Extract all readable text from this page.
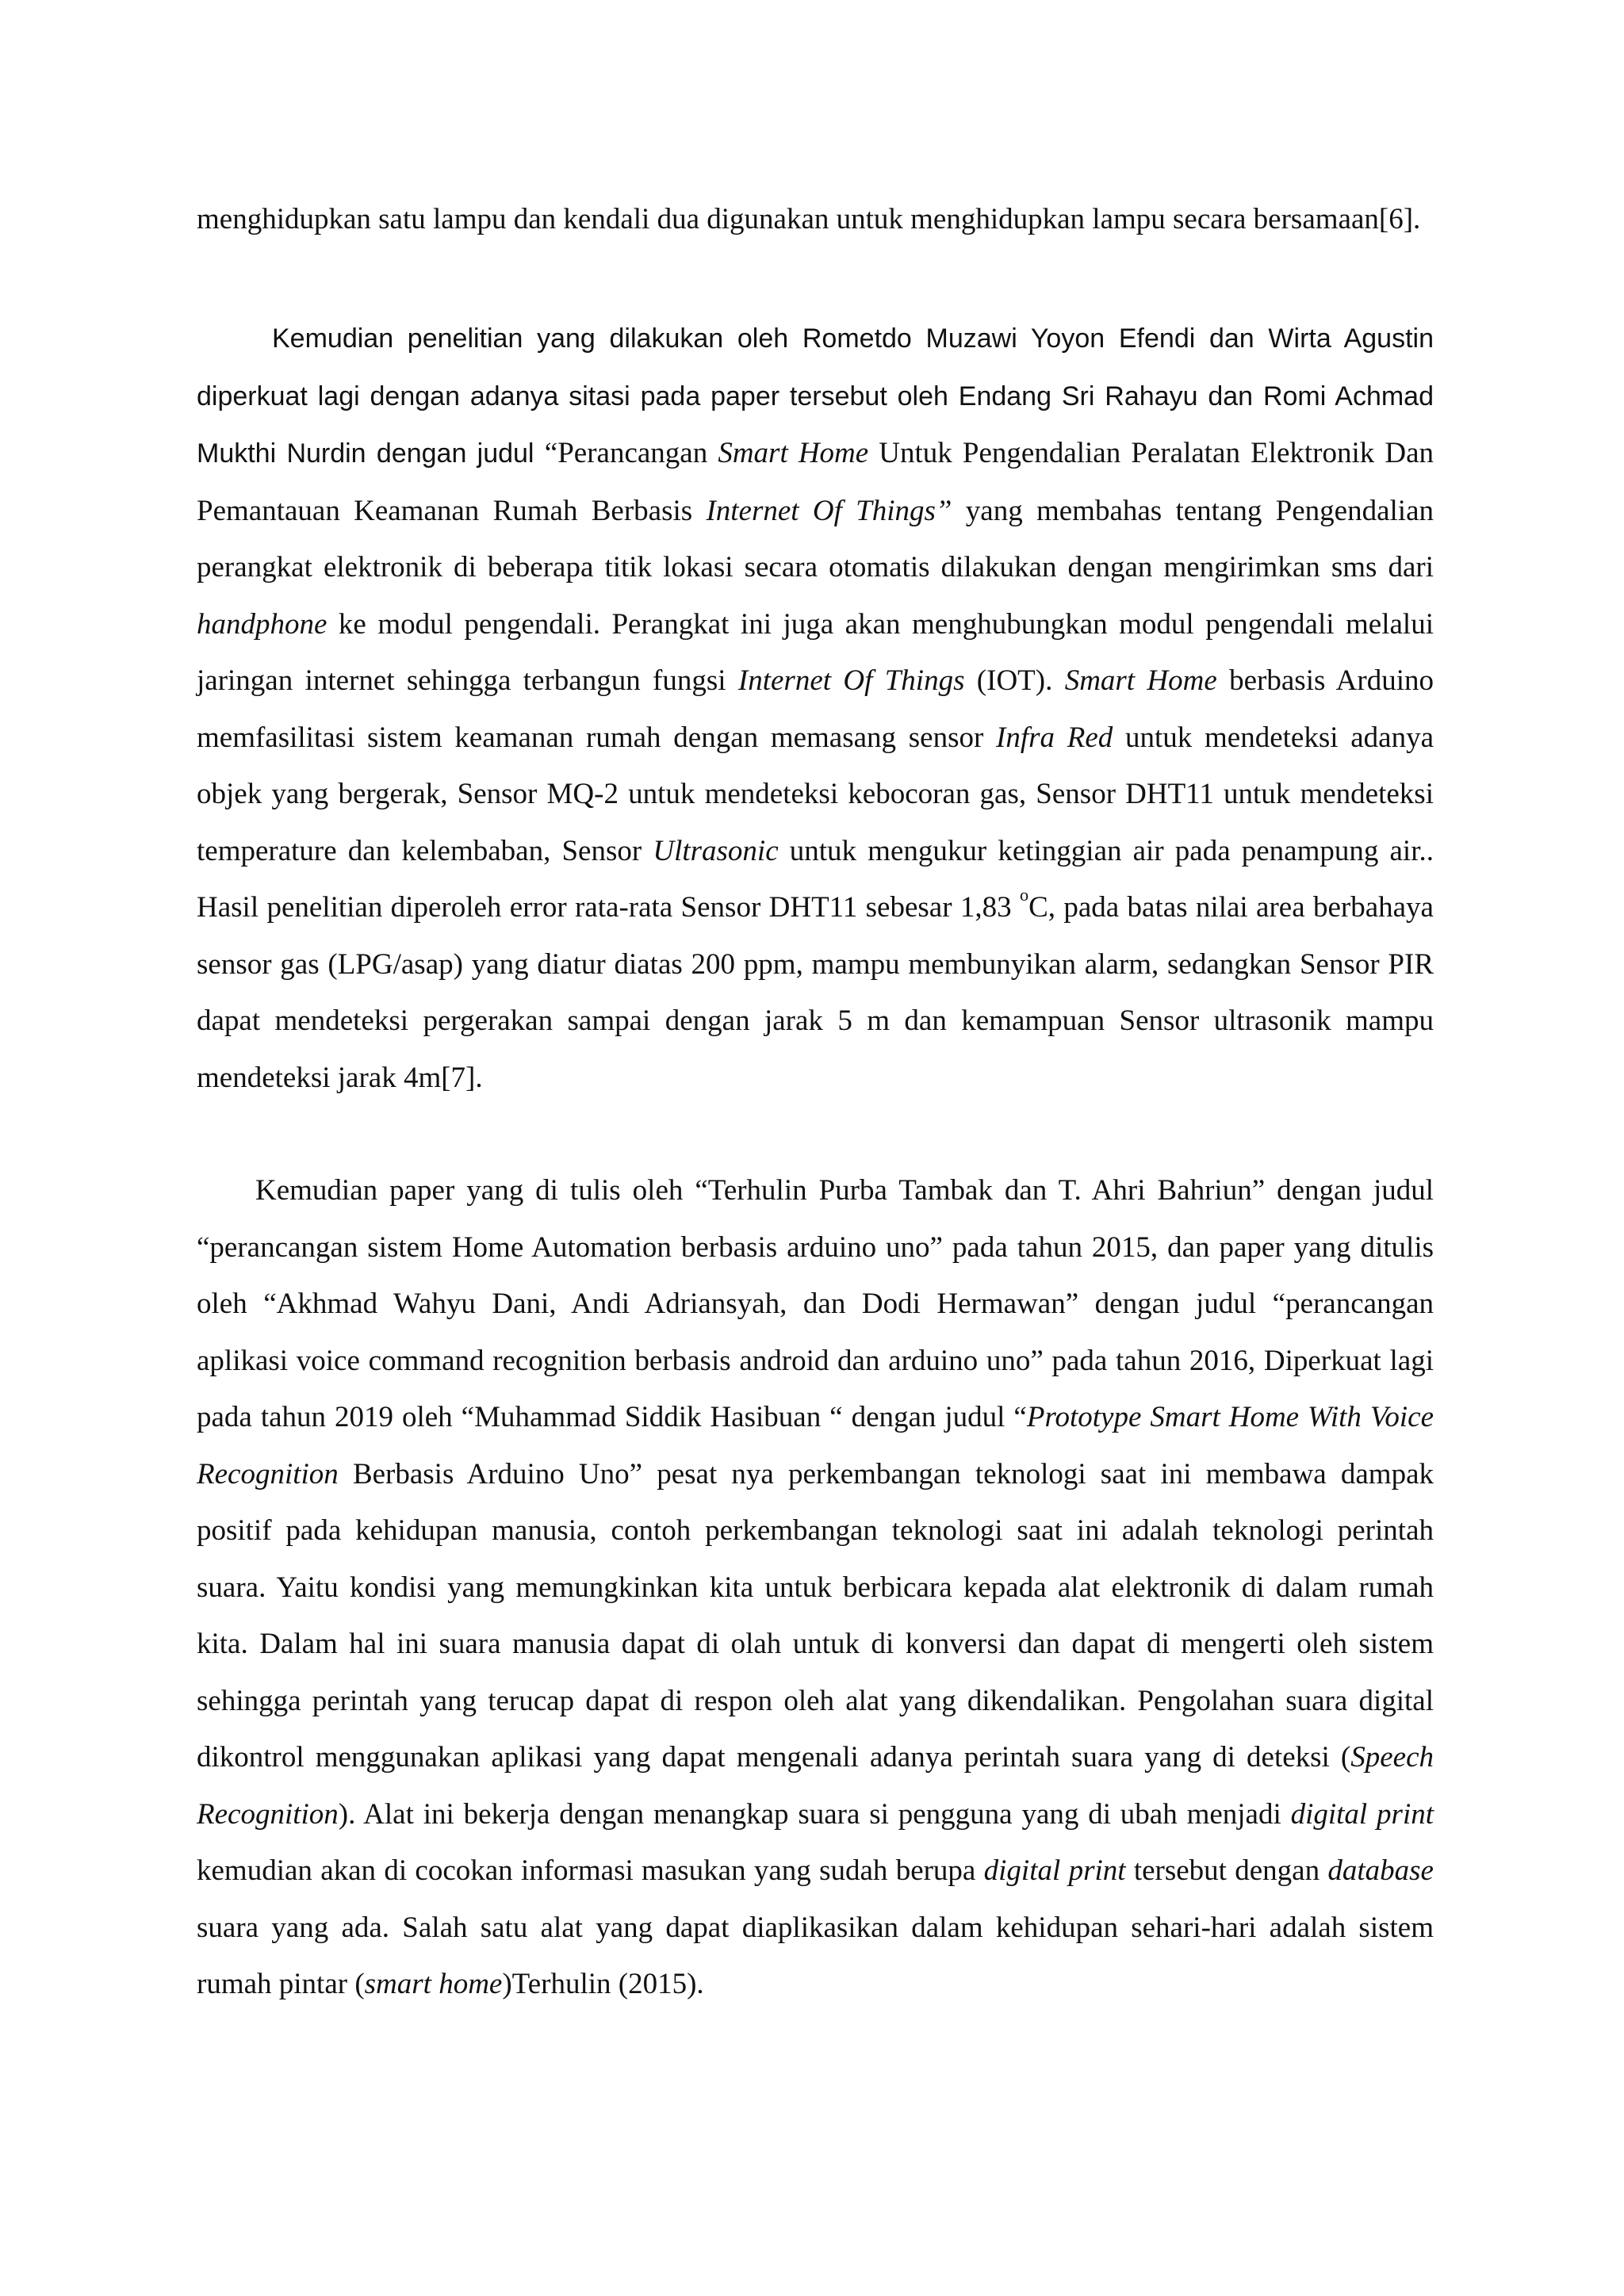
menghidupkan satu lampu dan kendali dua digunakan untuk menghidupkan lampu secara bersamaan[6].

Kemudian penelitian yang dilakukan oleh Rometdo Muzawi Yoyon Efendi dan Wirta Agustin diperkuat lagi dengan adanya sitasi pada paper tersebut oleh Endang Sri Rahayu dan Romi Achmad Mukthi Nurdin dengan judul “Perancangan Smart Home Untuk Pengendalian Peralatan Elektronik Dan Pemantauan Keamanan Rumah Berbasis Internet Of Things” yang membahas tentang Pengendalian perangkat elektronik di beberapa titik lokasi secara otomatis dilakukan dengan mengirimkan sms dari handphone ke modul pengendali. Perangkat ini juga akan menghubungkan modul pengendali melalui jaringan internet sehingga terbangun fungsi Internet Of Things (IOT). Smart Home berbasis Arduino memfasilitasi sistem keamanan rumah dengan memasang sensor Infra Red untuk mendeteksi adanya objek yang bergerak, Sensor MQ-2 untuk mendeteksi kebocoran gas, Sensor DHT11 untuk mendeteksi temperature dan kelembaban, Sensor Ultrasonic untuk mengukur ketinggian air pada penampung air.. Hasil penelitian diperoleh error rata-rata Sensor DHT11 sebesar 1,83 $^o$C, pada batas nilai area berbahaya sensor gas (LPG/asap) yang diatur diatas 200 ppm, mampu membunyikan alarm, sedangkan Sensor PIR dapat mendeteksi pergerakan sampai dengan jarak 5 m dan kemampuan Sensor ultrasonik mampu mendeteksi jarak 4m[7].

Kemudian paper yang di tulis oleh “Terhulin Purba Tambak dan T. Ahri Bahriun” dengan judul “perancangan sistem Home Automation berbasis arduino uno” pada tahun 2015, dan paper yang ditulis oleh “Akhmad Wahyu Dani, Andi Adriansyah, dan Dodi Hermawan” dengan judul “perancangan aplikasi voice command recognition berbasis android dan arduino uno” pada tahun 2016, Diperkuat lagi pada tahun 2019 oleh “Muhammad Siddik Hasibuan “ dengan judul “Prototype Smart Home With Voice Recognition Berbasis Arduino Uno” pesat nya perkembangan teknologi saat ini membawa dampak positif pada kehidupan manusia, contoh perkembangan teknologi saat ini adalah teknologi perintah suara. Yaitu kondisi yang memungkinkan kita untuk berbicara kepada alat elektronik di dalam rumah kita. Dalam hal ini suara manusia dapat di olah untuk di konversi dan dapat di mengerti oleh sistem sehingga perintah yang terucap dapat di respon oleh alat yang dikendalikan. Pengolahan suara digital dikontrol menggunakan aplikasi yang dapat mengenali adanya perintah suara yang di deteksi (Speech Recognition). Alat ini bekerja dengan menangkap suara si pengguna yang di ubah menjadi digital print kemudian akan di cocokan informasi masukan yang sudah berupa digital print tersebut dengan database suara yang ada. Salah satu alat yang dapat diaplikasikan dalam kehidupan sehari-hari adalah sistem rumah pintar (smart home)Terhulin (2015).
